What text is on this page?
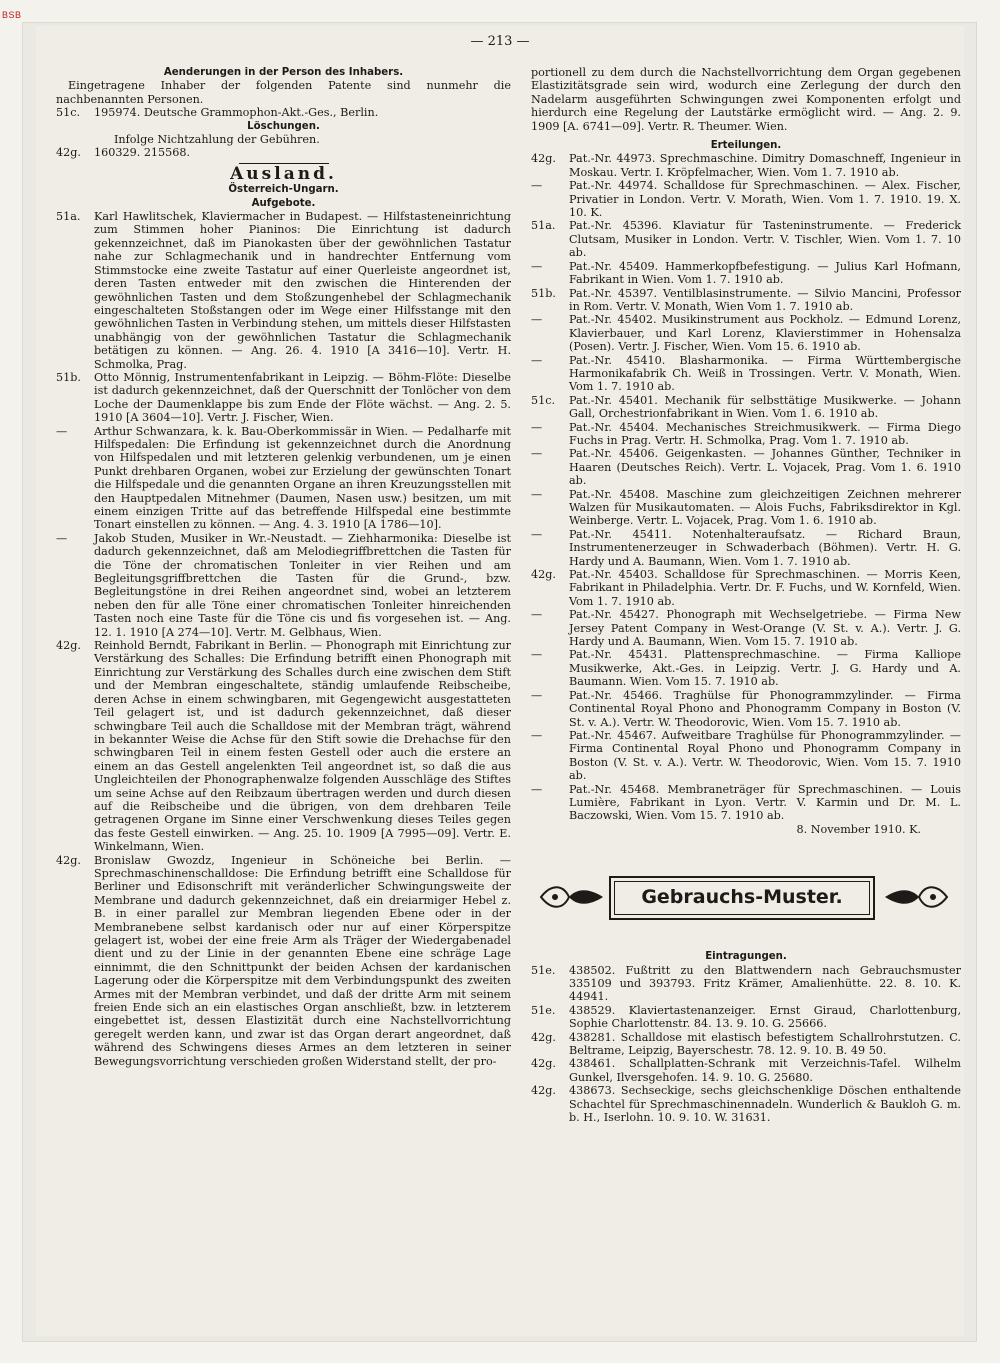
BSB
— 213 —

Aenderungen in der Person des Inhabers.

Eingetragene Inhaber der folgenden Patente sind nunmehr die nachbenannten Personen.

51c.	195974. Deutsche Grammophon-Akt.-Ges., Berlin.

Löschungen.

Infolge Nichtzahlung der Gebühren.

42g.	160329. 215568.

Ausland.

Österreich-Ungarn.

Aufgebote.

51a.	Karl Hawlitschek, Klaviermacher in Budapest. — Hilfstasteneinrichtung zum Stimmen hoher Pianinos: Die Einrichtung ist dadurch gekennzeichnet, daß im Pianokasten über der gewöhnlichen Tastatur nahe zur Schlagmechanik und in handrechter Entfernung vom Stimmstocke eine zweite Tastatur auf einer Querleiste angeordnet ist, deren Tasten entweder mit den zwischen die Hinterenden der gewöhnlichen Tasten und dem Stoßzungenhebel der Schlagmechanik eingeschalteten Stoßstangen oder im Wege einer Hilfsstange mit den gewöhnlichen Tasten in Verbindung stehen, um mittels dieser Hilfstasten unabhängig von der gewöhnlichen Tastatur die Schlagmechanik betätigen zu können. — Ang. 26. 4. 1910 [A 3416—10]. Vertr. H. Schmolka, Prag.

51b.	Otto Mönnig, Instrumentenfabrikant in Leipzig. — Böhm-Flöte: Dieselbe ist dadurch gekennzeichnet, daß der Querschnitt der Tonlöcher von dem Loche der Daumenklappe bis zum Ende der Flöte wächst. — Ang. 2. 5. 1910 [A 3604—10]. Vertr. J. Fischer, Wien.

—	Arthur Schwanzara, k. k. Bau-Oberkommissär in Wien. — Pedalharfe mit Hilfspedalen: Die Erfindung ist gekennzeichnet durch die Anordnung von Hilfspedalen und mit letzteren gelenkig verbundenen, um je einen Punkt drehbaren Organen, wobei zur Erzielung der gewünschten Tonart die Hilfspedale und die genannten Organe an ihren Kreuzungsstellen mit den Hauptpedalen Mitnehmer (Daumen, Nasen usw.) besitzen, um mit einem einzigen Tritte auf das betreffende Hilfspedal eine bestimmte Tonart einstellen zu können. — Ang. 4. 3. 1910 [A 1786—10].

—	Jakob Studen, Musiker in Wr.-Neustadt. — Ziehharmonika: Dieselbe ist dadurch gekennzeichnet, daß am Melodiegriffbrettchen die Tasten für die Töne der chromatischen Tonleiter in vier Reihen und am Begleitungsgriffbrettchen die Tasten für die Grund-, bzw. Begleitungstöne in drei Reihen angeordnet sind, wobei an letzterem neben den für alle Töne einer chromatischen Tonleiter hinreichenden Tasten noch eine Taste für die Töne cis und fis vorgesehen ist. — Ang. 12. 1. 1910 [A 274—10]. Vertr. M. Gelbhaus, Wien.

42g.	Reinhold Berndt, Fabrikant in Berlin. — Phonograph mit Einrichtung zur Verstärkung des Schalles: Die Erfindung betrifft einen Phonograph mit Einrichtung zur Verstärkung des Schalles durch eine zwischen dem Stift und der Membran eingeschaltete, ständig umlaufende Reibscheibe, deren Achse in einem schwingbaren, mit Gegengewicht ausgestatteten Teil gelagert ist, und ist dadurch gekennzeichnet, daß dieser schwingbare Teil auch die Schalldose mit der Membran trägt, während in bekannter Weise die Achse für den Stift sowie die Drehachse für den schwingbaren Teil in einem festen Gestell oder auch die erstere an einem an das Gestell angelenkten Teil angeordnet ist, so daß die aus Ungleichteilen der Phonographenwalze folgenden Ausschläge des Stiftes um seine Achse auf den Reibzaum übertragen werden und durch diesen auf die Reibscheibe und die übrigen, von dem drehbaren Teile getragenen Organe im Sinne einer Verschwenkung dieses Teiles gegen das feste Gestell einwirken. — Ang. 25. 10. 1909 [A 7995—09]. Vertr. E. Winkelmann, Wien.

42g.	Bronislaw Gwozdz, Ingenieur in Schöneiche bei Berlin. — Sprechmaschinenschalldose: Die Erfindung betrifft eine Schalldose für Berliner und Edisonschrift mit veränderlicher Schwingungsweite der Membrane und dadurch gekennzeichnet, daß ein dreiarmiger Hebel z. B. in einer parallel zur Membran liegenden Ebene oder in der Membranebene selbst kardanisch oder nur auf einer Körperspitze gelagert ist, wobei der eine freie Arm als Träger der Wiedergabenadel dient und zu der Linie in der genannten Ebene eine schräge Lage einnimmt, die den Schnittpunkt der beiden Achsen der kardanischen Lagerung oder die Körperspitze mit dem Verbindungspunkt des zweiten Armes mit der Membran verbindet, und daß der dritte Arm mit seinem freien Ende sich an ein elastisches Organ anschließt, bzw. in letzterem eingebettet ist, dessen Elastizität durch eine Nachstellvorrichtung geregelt werden kann, und zwar ist das Organ derart angeordnet, daß während des Schwingens dieses Armes an dem letzteren in seiner Bewegungsvorrichtung verschieden großen Widerstand stellt, der pro-

portionell zu dem durch die Nachstellvorrichtung dem Organ gegebenen Elastizitätsgrade sein wird, wodurch eine Zerlegung der durch den Nadelarm ausgeführten Schwingungen zwei Komponenten erfolgt und hierdurch eine Regelung der Lautstärke ermöglicht wird. — Ang. 2. 9. 1909 [A. 6741—09]. Vertr. R. Theumer. Wien.

Erteilungen.

42g.	Pat.-Nr. 44973. Sprechmaschine. Dimitry Domaschneff, Ingenieur in Moskau. Vertr. I. Kröpfelmacher, Wien. Vom 1. 7. 1910 ab.

—	Pat.-Nr. 44974. Schalldose für Sprechmaschinen. — Alex. Fischer, Privatier in London. Vertr. V. Morath, Wien. Vom 1. 7. 1910. 19. X. 10. K.

51a.	Pat.-Nr. 45396. Klaviatur für Tasteninstrumente. — Frederick Clutsam, Musiker in London. Vertr. V. Tischler, Wien. Vom 1. 7. 10 ab.

—	Pat.-Nr. 45409. Hammerkopfbefestigung. — Julius Karl Hofmann, Fabrikant in Wien. Vom 1. 7. 1910 ab.

51b.	Pat.-Nr. 45397. Ventilblasinstrumente. — Silvio Mancini, Professor in Rom. Vertr. V. Monath, Wien Vom 1. 7. 1910 ab.

—	Pat.-Nr. 45402. Musikinstrument aus Pockholz. — Edmund Lorenz, Klavierbauer, und Karl Lorenz, Klavierstimmer in Hohensalza (Posen). Vertr. J. Fischer, Wien. Vom 15. 6. 1910 ab.

—	Pat.-Nr. 45410. Blasharmonika. — Firma Württembergische Harmonikafabrik Ch. Weiß in Trossingen. Vertr. V. Monath, Wien. Vom 1. 7. 1910 ab.

51c.	Pat.-Nr. 45401. Mechanik für selbsttätige Musikwerke. — Johann Gall, Orchestrionfabrikant in Wien. Vom 1. 6. 1910 ab.

—	Pat.-Nr. 45404. Mechanisches Streichmusikwerk. — Firma Diego Fuchs in Prag. Vertr. H. Schmolka, Prag. Vom 1. 7. 1910 ab.

—	Pat.-Nr. 45406. Geigenkasten. — Johannes Günther, Techniker in Haaren (Deutsches Reich). Vertr. L. Vojacek, Prag. Vom 1. 6. 1910 ab.

—	Pat.-Nr. 45408. Maschine zum gleichzeitigen Zeichnen mehrerer Walzen für Musikautomaten. — Alois Fuchs, Fabriksdirektor in Kgl. Weinberge. Vertr. L. Vojacek, Prag. Vom 1. 6. 1910 ab.

—	Pat.-Nr. 45411. Notenhalteraufsatz. — Richard Braun, Instrumentenerzeuger in Schwaderbach (Böhmen). Vertr. H. G. Hardy und A. Baumann, Wien. Vom 1. 7. 1910 ab.

42g.	Pat.-Nr. 45403. Schalldose für Sprechmaschinen. — Morris Keen, Fabrikant in Philadelphia. Vertr. Dr. F. Fuchs, und W. Kornfeld, Wien. Vom 1. 7. 1910 ab.

—	Pat.-Nr. 45427. Phonograph mit Wechselgetriebe. — Firma New Jersey Patent Company in West-Orange (V. St. v. A.). Vertr. J. G. Hardy und A. Baumann, Wien. Vom 15. 7. 1910 ab.

—	Pat.-Nr. 45431. Plattensprechmaschine. — Firma Kalliope Musikwerke, Akt.-Ges. in Leipzig. Vertr. J. G. Hardy und A. Baumann. Wien. Vom 15. 7. 1910 ab.

—	Pat.-Nr. 45466. Traghülse für Phonogrammzylinder. — Firma Continental Royal Phono and Phonogramm Company in Boston (V. St. v. A.). Vertr. W. Theodorovic, Wien. Vom 15. 7. 1910 ab.

—	Pat.-Nr. 45467. Aufweitbare Traghülse für Phonogrammzylinder. — Firma Continental Royal Phono und Phonogramm Company in Boston (V. St. v. A.). Vertr. W. Theodorovic, Wien. Vom 15. 7. 1910 ab.

—	Pat.-Nr. 45468. Membraneträger für Sprechmaschinen. — Louis Lumière, Fabrikant in Lyon. Vertr. V. Karmin und Dr. M. L. Baczowski, Wien. Vom 15. 7. 1910 ab.

8. November 1910. K.

Gebrauchs-Muster.

Eintragungen.

51e.	438502. Fußtritt zu den Blattwendern nach Gebrauchsmuster 335109 und 393793. Fritz Krämer, Amalienhütte. 22. 8. 10. K. 44941.

51e.	438529. Klaviertastenanzeiger. Ernst Giraud, Charlottenburg, Sophie Charlottenstr. 84. 13. 9. 10. G. 25666.

42g.	438281. Schalldose mit elastisch befestigtem Schallrohrstutzen. C. Beltrame, Leipzig, Bayerschestr. 78. 12. 9. 10. B. 49 50.

42g.	438461. Schallplatten-Schrank mit Verzeichnis-Tafel. Wilhelm Gunkel, Ilversgehofen. 14. 9. 10. G. 25680.

42g.	438673. Sechseckige, sechs gleichschenklige Döschen enthaltende Schachtel für Sprechmaschinennadeln. Wunderlich & Baukloh G. m. b. H., Iserlohn. 10. 9. 10. W. 31631.
